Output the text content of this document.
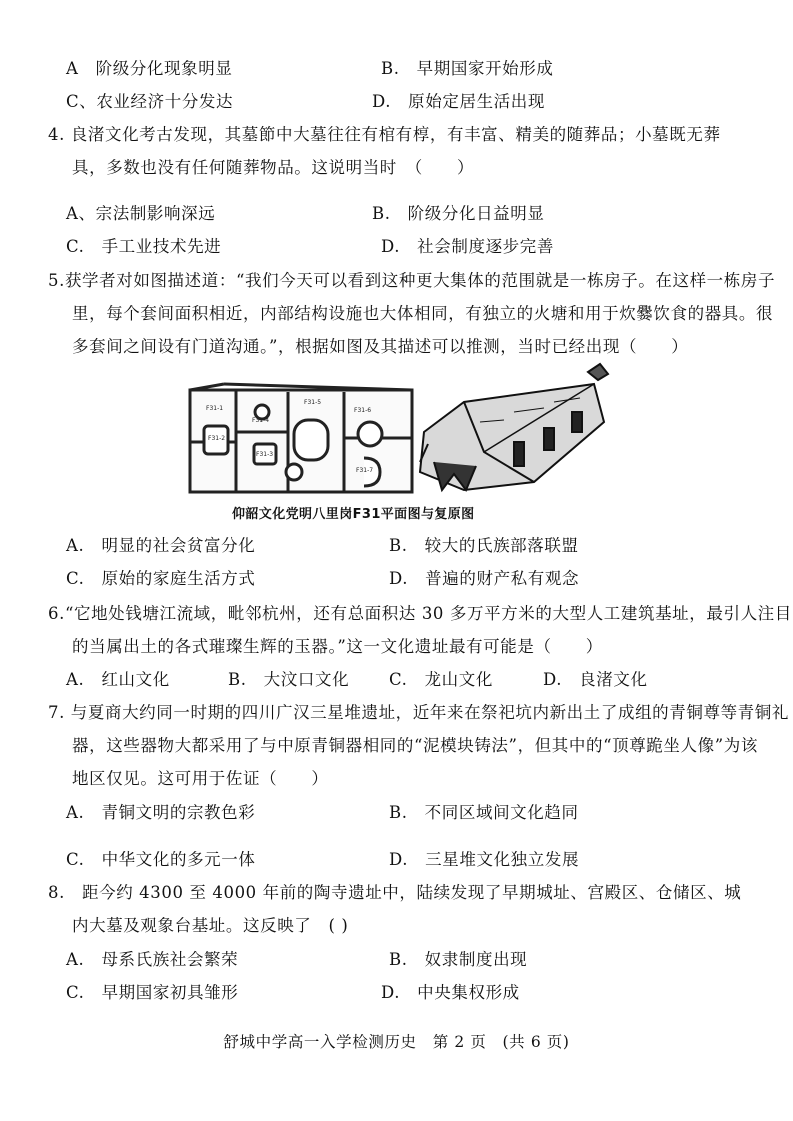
A　阶级分化现象明显	B.　早期国家开始形成
C、农业经济十分发达	D.　原始定居生活出现
4. 良渚文化考古发现，其墓節中大墓往往有棺有椁，有丰富、精美的随葬品；小墓既无葬
具，多数也没有任何随葬物品。这说明当时　（　　）
A、宗法制影响深远	B.　阶级分化日益明显
C.　手工业技术先进	D.　社会制度逐步完善
5.获学者对如图描述道：“我们今天可以看到这种更大集体的范围就是一栋房子。在这样一栋房子
里，每个套间面积相近，内部结构设施也大体相同，有独立的火塘和用于炊爨饮食的器具。很
多套间之间设有门道沟通。”，根据如图及其描述可以推测，当时已经出现（　　）
F31-1
F31-2
F31-3
F31-4
F31-5
F31-6
F31-7
仰韶文化党明八里岗F31平面图与复原图
A.　明显的社会贫富分化	B.　较大的氏族部落联盟
C.　原始的家庭生活方式	D.　普遍的财产私有观念
6.“它地处钱塘江流域，毗邻杭州，还有总面积达 30 多万平方米的大型人工建筑基址，最引人注目
的当属出土的各式璀璨生辉的玉器。”这一文化遗址最有可能是（　　）
A.　红山文化	B.　大汶口文化 C.　龙山文化	D.　良渚文化
7. 与夏商大约同一时期的四川广汉三星堆遗址，近年来在祭祀坑内新出土了成组的青铜尊等青铜礼
器，这些器物大都采用了与中原青铜器相同的“泥模块铸法”，但其中的“顶尊跪坐人像”为该
地区仅见。这可用于佐证（　　）
A.　青铜文明的宗教色彩	B.　不同区域间文化趋同
C.　中华文化的多元一体	D.　三星堆文化独立发展
8.　距今约 4300 至 4000 年前的陶寺遗址中，陆续发现了早期城址、宫殿区、仓储区、城
内大墓及观象台基址。这反映了　( )
A.　母系氏族社会繁荣	B.　奴隶制度出现
C.　早期国家初具雏形	D.　中央集权形成
舒城中学高一入学检测历史　第 2 页　(共 6 页)
